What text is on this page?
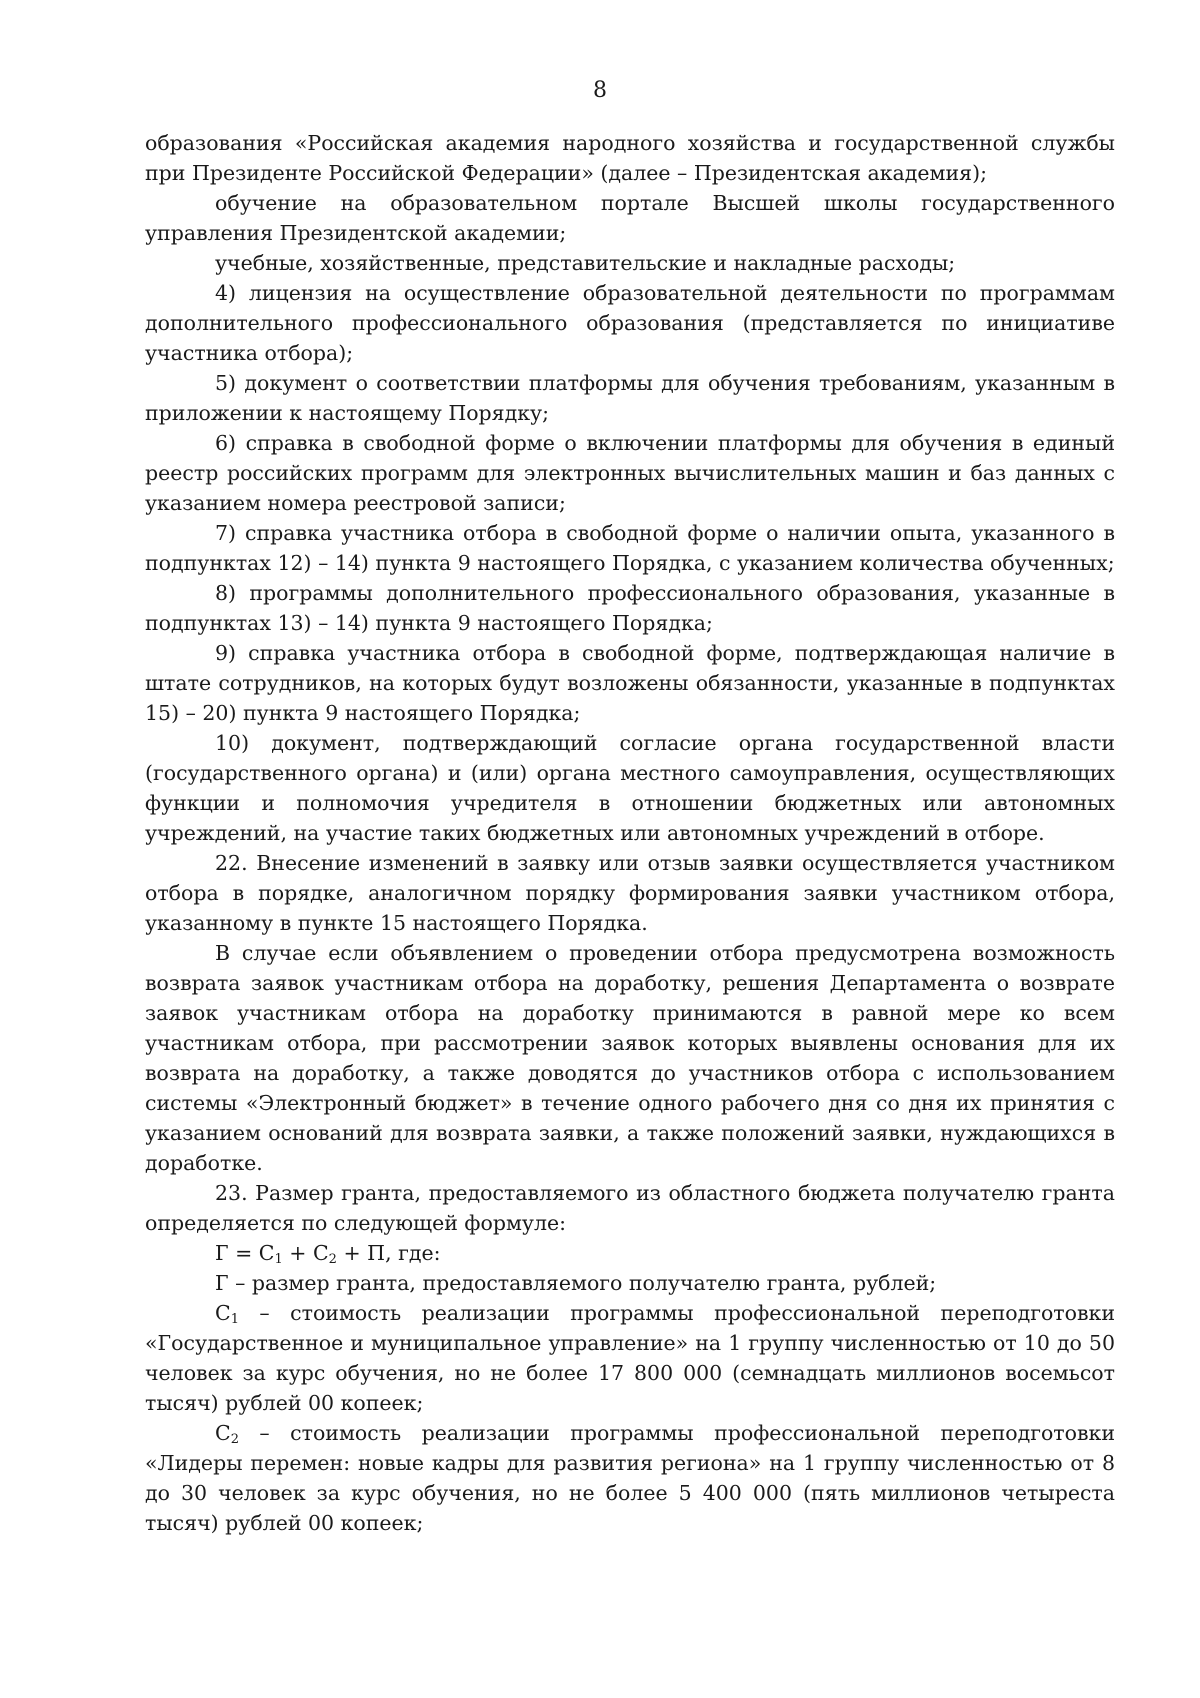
8

образования «Российская академия народного хозяйства и государственной службы при Президенте Российской Федерации» (далее – Президентская академия);

обучение на образовательном портале Высшей школы государственного управления Президентской академии;

учебные, хозяйственные, представительские и накладные расходы;

4) лицензия на осуществление образовательной деятельности по программам дополнительного профессионального образования (представляется по инициативе участника отбора);

5) документ о соответствии платформы для обучения требованиям, указанным в приложении к настоящему Порядку;

6) справка в свободной форме о включении платформы для обучения в единый реестр российских программ для электронных вычислительных машин и баз данных с указанием номера реестровой записи;

7) справка участника отбора в свободной форме о наличии опыта, указанного в подпунктах 12) – 14) пункта 9 настоящего Порядка, с указанием количества обученных;

8) программы дополнительного профессионального образования, указанные в подпунктах 13) – 14) пункта 9 настоящего Порядка;

9) справка участника отбора в свободной форме, подтверждающая наличие в штате сотрудников, на которых будут возложены обязанности, указанные в подпунктах 15) – 20) пункта 9 настоящего Порядка;

10) документ, подтверждающий согласие органа государственной власти (государственного органа) и (или) органа местного самоуправления, осуществляющих функции и полномочия учредителя в отношении бюджетных или автономных учреждений, на участие таких бюджетных или автономных учреждений в отборе.

22. Внесение изменений в заявку или отзыв заявки осуществляется участником отбора в порядке, аналогичном порядку формирования заявки участником отбора, указанному в пункте 15 настоящего Порядка.

В случае если объявлением о проведении отбора предусмотрена возможность возврата заявок участникам отбора на доработку, решения Департамента о возврате заявок участникам отбора на доработку принимаются в равной мере ко всем участникам отбора, при рассмотрении заявок которых выявлены основания для их возврата на доработку, а также доводятся до участников отбора с использованием системы «Электронный бюджет» в течение одного рабочего дня со дня их принятия с указанием оснований для возврата заявки, а также положений заявки, нуждающихся в доработке.

23. Размер гранта, предоставляемого из областного бюджета получателю гранта определяется по следующей формуле:

$Г = С_1 + С_2 + П$, где:

Г – размер гранта, предоставляемого получателю гранта, рублей;

$С_1$ – стоимость реализации программы профессиональной переподготовки «Государственное и муниципальное управление» на 1 группу численностью от 10 до 50 человек за курс обучения, но не более 17 800 000 (семнадцать миллионов восемьсот тысяч) рублей 00 копеек;

$С_2$ – стоимость реализации программы профессиональной переподготовки «Лидеры перемен: новые кадры для развития региона» на 1 группу численностью от 8 до 30 человек за курс обучения, но не более 5 400 000 (пять миллионов четыреста тысяч) рублей 00 копеек;
